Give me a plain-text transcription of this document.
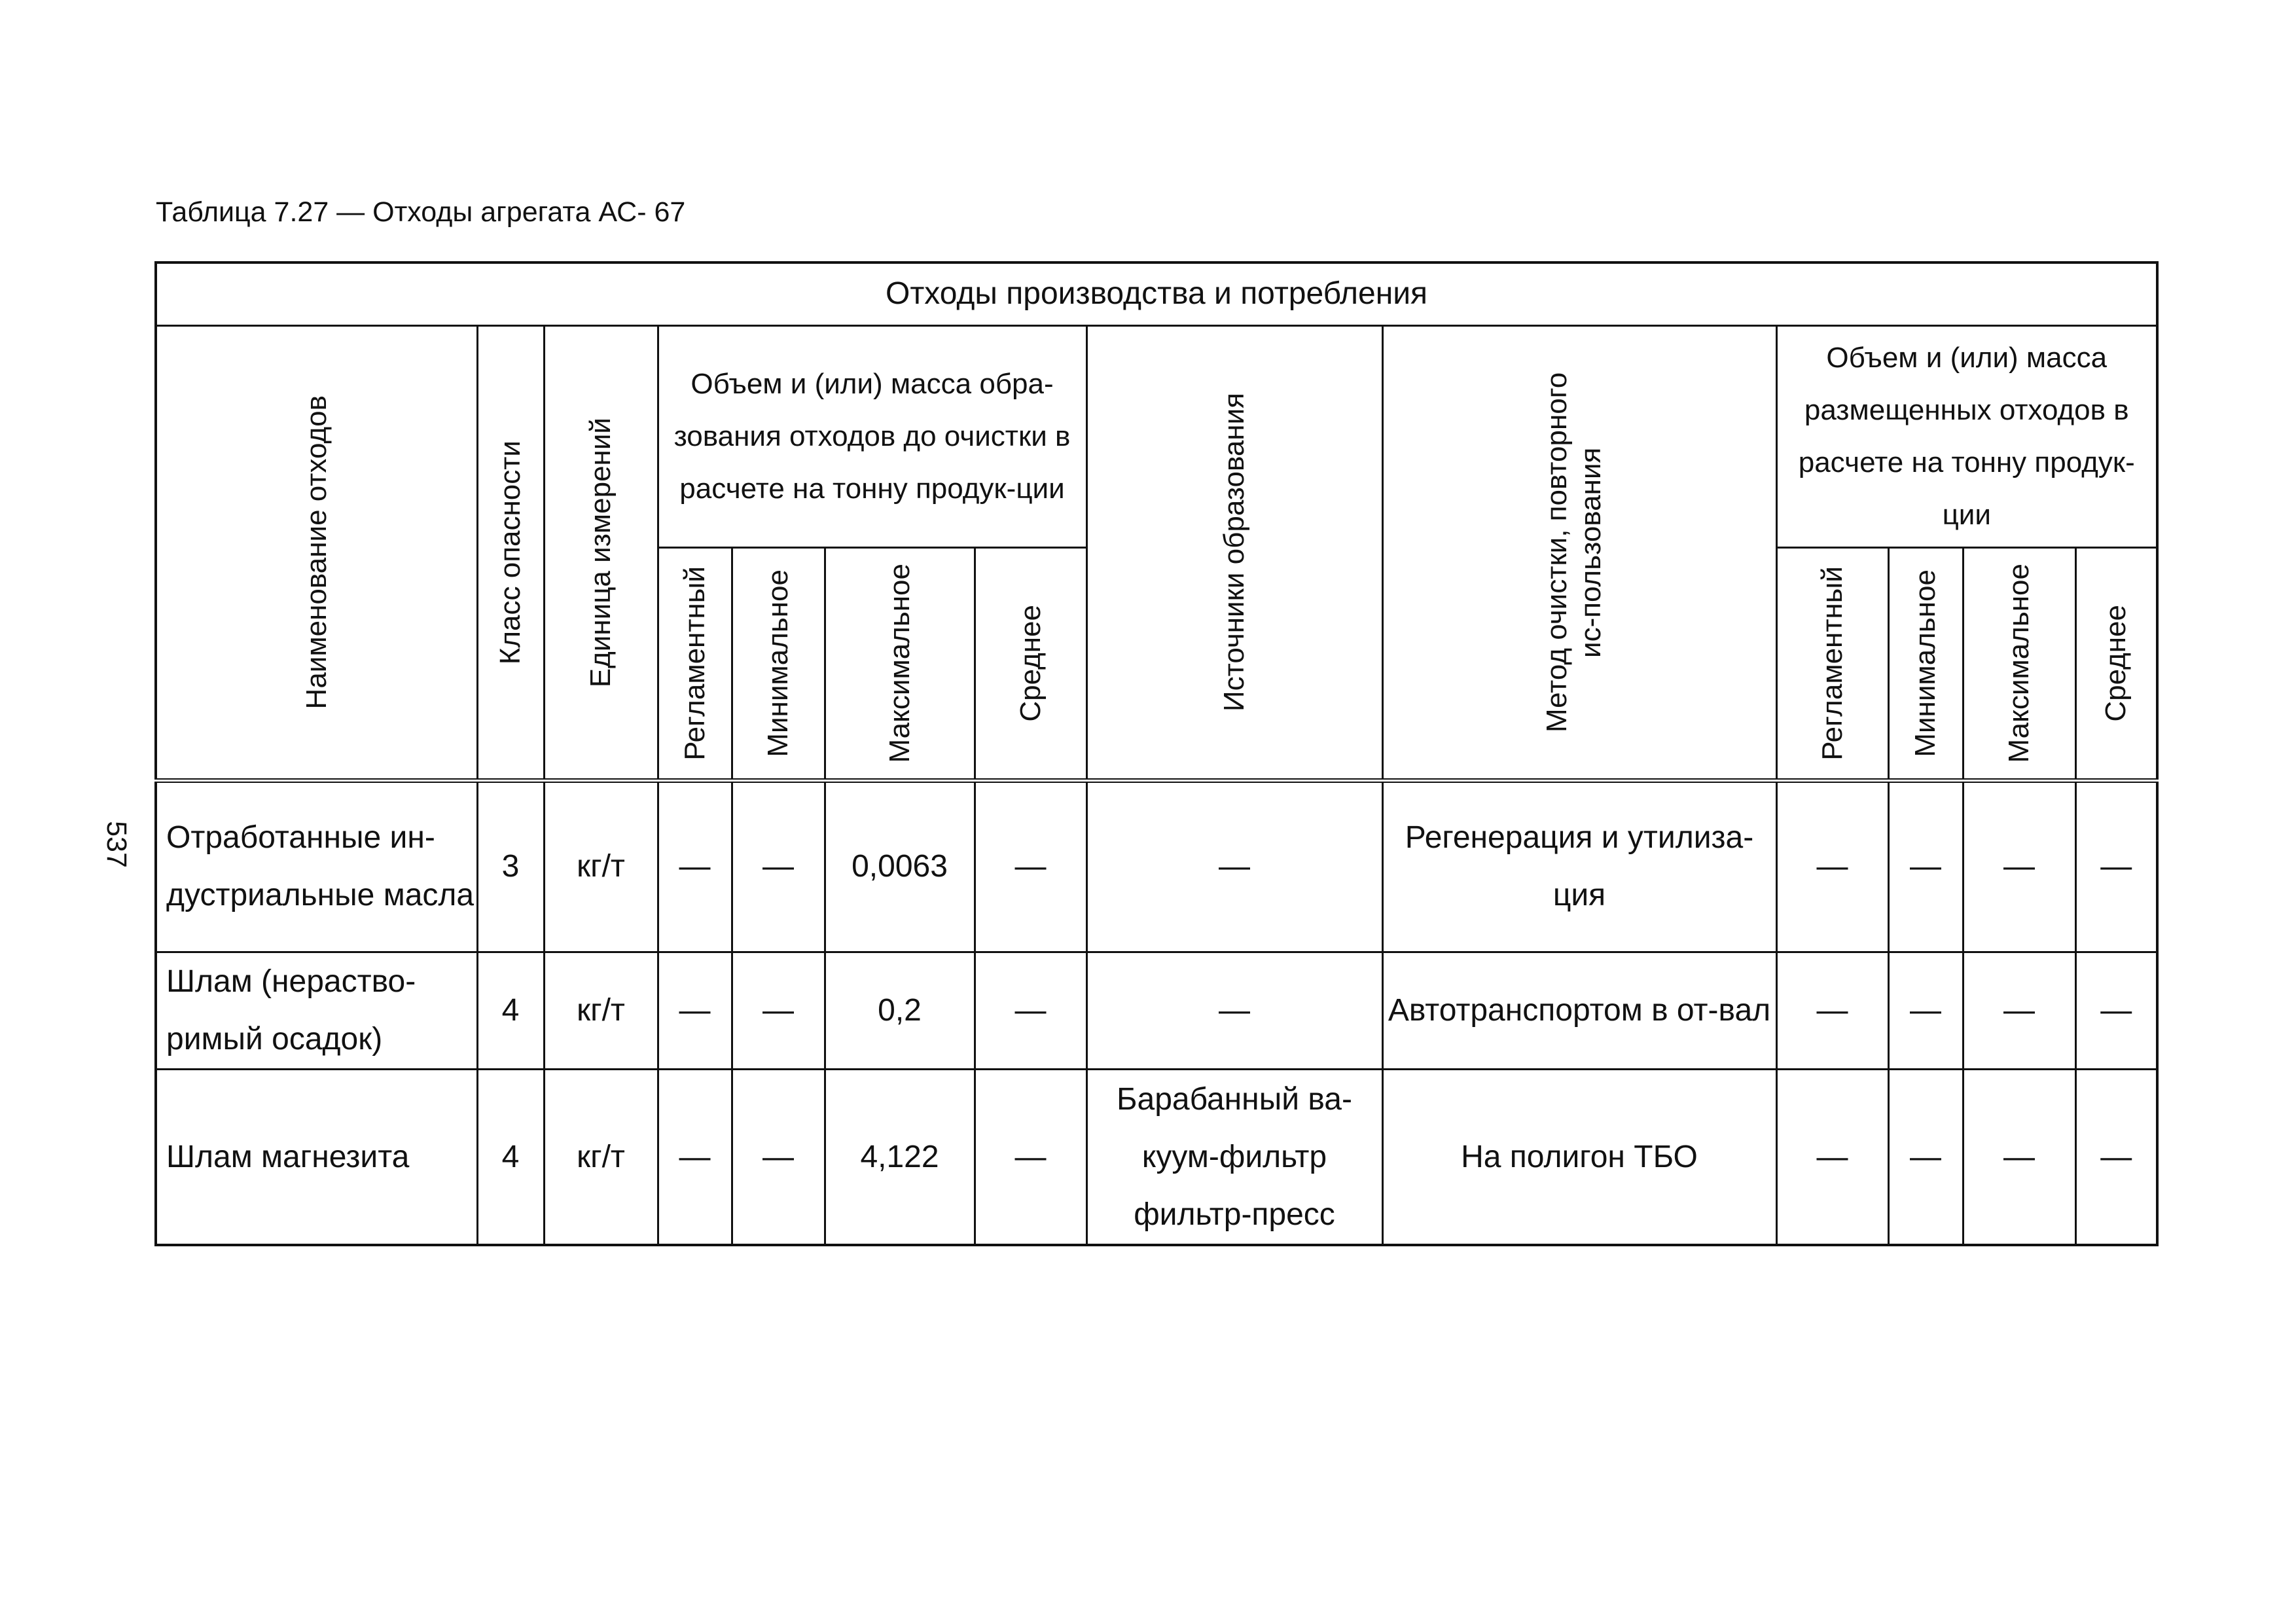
Таблица 7.27 — Отходы агрегата АС- 67
537
Отходы производства и потребления												

Наименование отходов	Класс опасности	Единица измерений	Объем и (или) масса обра-зования отходов до очистки в расчете на тонну продук-ции				Источники образования	Метод очистки, повторного ис-пользования	Объем и (или) масса размещенных отходов в расчете на тонну продук-ции			

			Регламентный	Минимальное	Максимальное	Среднее			Регламентный	Минимальное	Максимальное	Среднее

Отработанные ин-дустриальные масла	3	кг/т	—	—	0,0063	—	—	Регенерация и утилиза-ция	—	—	—	—
Шлам (нераство-римый осадок)	4	кг/т	—	—	0,2	—	—	Автотранспортом в от-вал	—	—	—	—
Шлам магнезита	4	кг/т	—	—	4,122	—	Барабанный ва-куум-фильтр фильтр-пресс	На полигон ТБО	—	—	—	—
